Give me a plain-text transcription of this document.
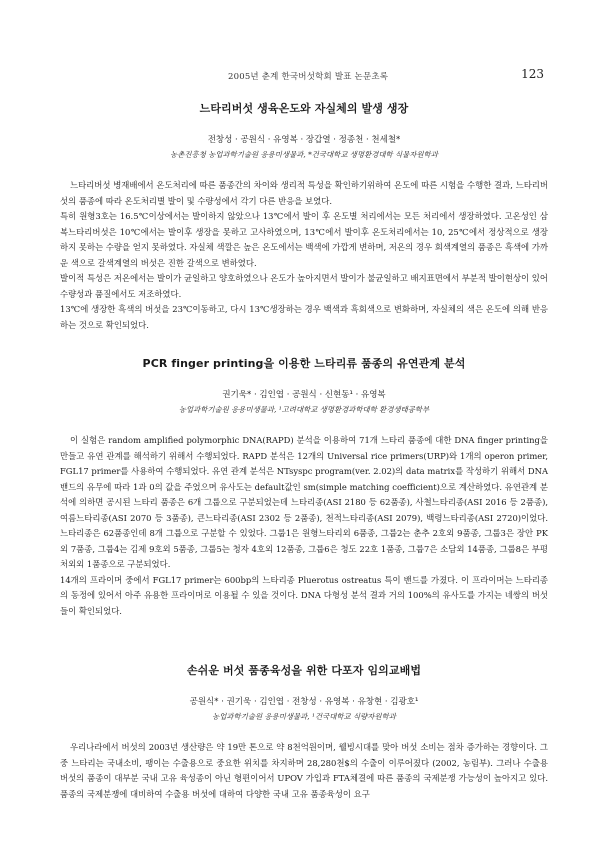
2005년 춘계 한국버섯학회 발표 논문초록	123
느타리버섯 생육온도와 자실체의 발생 생장
전창성 · 공원식 · 유영복 · 장갑열 · 정종천 · 천세철*
농촌진흥청 농업과학기술원 응용미생물과, *건국대학교 생명환경대학 식물자원학과

느타리버섯 병재배에서 온도처리에 따른 품종간의 차이와 생리적 특성을 확인하기위하여 온도에 따른 시험을 수행한 결과, 느타리버섯의 품종에 따라 온도처리별 발이 및 수량성에서 각기 다른 반응을 보였다.
특히 원형3호는 16.5℃이상에서는 발이하지 않았으나 13℃에서 발이 후 온도별 처리에서는 모든 처리에서 생장하였다. 고온성인 삼복느타리버섯은 10℃에서는 발이후 생장을 못하고 고사하였으며, 13℃에서 발이후 온도처리에서는 10, 25℃에서 정상적으로 생장하지 못하는 수량을 얻지 못하였다. 자실체 색깔은 높은 온도에서는 백색에 가깝게 변하며, 저온의 경우 회색계열의 품종은 흑색에 가까운 색으로 갈색계열의 버섯은 진한 갈색으로 변하였다.
발이적 특성은 저온에서는 발이가 균일하고 양호하였으나 온도가 높아지면서 발이가 불균일하고 배지표면에서 부분적 발이현상이 있어 수량성과 품질에서도 저조하였다.
13℃에 생장한 흑색의 버섯을 23℃이동하고, 다시 13℃생장하는 경우 백색과 흑회색으로 변화하며, 자실체의 색은 온도에 의해 반응하는 것으로 확인되었다.

PCR finger printing을 이용한 느타리류 품종의 유연관계 분석
권기욱* · 김인엽 · 공원식 · 신현동¹ · 유영복
농업과학기술원 응용미생물과, ¹고려대학교 생명환경과학대학 환경생태공학부

이 실험은 random amplified polymorphic DNA(RAPD) 분석을 이용하여 71개 느타리 품종에 대한 DNA finger printing을 만들고 유연 관계를 해석하기 위해서 수행되었다. RAPD 분석은 12개의 Universal rice primers(URP)와 1개의 operon primer, FGL17 primer를 사용하여 수행되었다. 유연 관계 분석은 NTsyspc program(ver. 2.02)의 data matrix를 작성하기 위해서 DNA 밴드의 유무에 따라 1과 0의 값을 주었으며 유사도는 default값인 sm(simple matching coefficient)으로 계산하였다. 유연관계 분석에 의하면 공시된 느타리 품종은 6개 그룹으로 구분되었는데 느타리종(ASI 2180 등 62품종), 사철느타리종(ASI 2016 등 2품종), 여름느타리종(ASI 2070 등 3품종), 큰느타리종(ASI 2302 등 2품종), 천적느타리종(ASI 2079), 백령느타리종(ASI 2720)이었다. 느타리종은 62품종인데 8개 그룹으로 구분할 수 있었다. 그룹1은 원형느타리외 6품종, 그룹2는 춘추 2호외 9품종, 그룹3은 장안 PK외 7품종, 그룹4는 김제 9호외 5품종, 그룹5는 청자 4호외 12품종, 그룹6은 청도 22호 1품종, 그룹7은 소담외 14품종, 그룹8은 부평처외외 1품종으로 구분되었다.
14개의 프라이머 중에서 FGL17 primer는 600bp의 느타리종 Pluerotus ostreatus 특이 밴드를 가졌다. 이 프라이머는 느타리종의 동정에 있어서 아주 유용한 프라이머로 이용될 수 있을 것이다. DNA 다형성 분석 결과 거의 100%의 유사도를 가지는 네쌍의 버섯들이 확인되었다.

손쉬운 버섯 품종육성을 위한 다포자 임의교배법
공원식* · 권기욱 · 김인엽 · 전창성 · 유영복 · 유창현 · 김광호¹
농업과학기술원 응용미생물과, ¹건국대학교 식량자원학과

우리나라에서 버섯의 2003년 생산량은 약 19만 톤으로 약 8천억원이며, 웰빙시대를 맞아 버섯 소비는 점차 증가하는 경향이다. 그중 느타리는 국내소비, 팽이는 수출용으로 중요한 위치를 차지하며 28,280천$의 수출이 이루어졌다 (2002, 농림부). 그러나 수출용 버섯의 품종이 대부분 국내 고유 육성종이 아닌 형편이어서 UPOV 가입과 FTA체결에 따른 품종의 국제분쟁 가능성이 높아지고 있다. 품종의 국제분쟁에 대비하여 수출용 버섯에 대하여 다양한 국내 고유 품종육성이 요구
